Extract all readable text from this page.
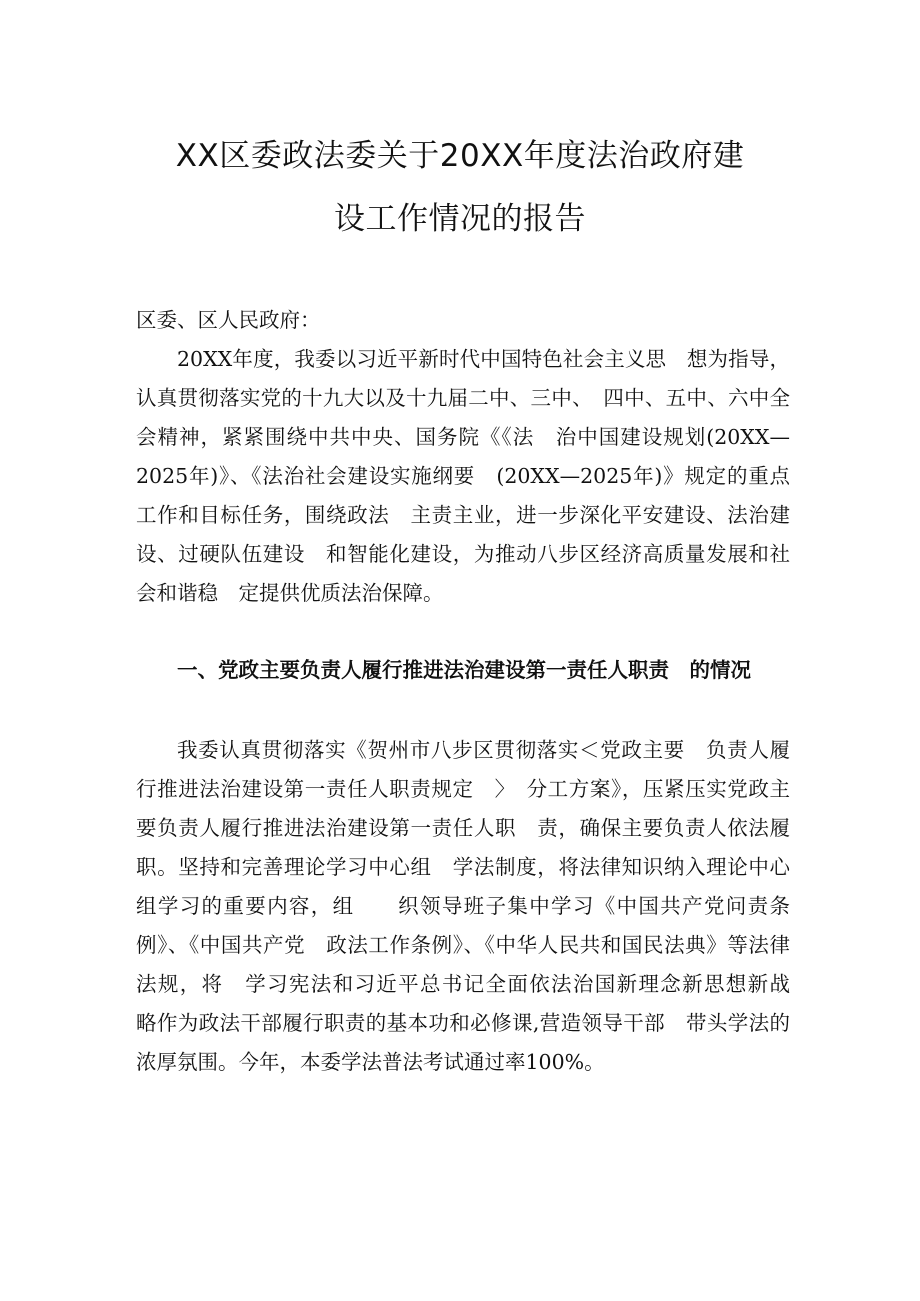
XX区委政法委关于20XX年度法治政府建
设工作情况的报告
区委、区人民政府：
20XX年度，我委以习近平新时代中国特色社会主义思　想为指导，认真贯彻落实党的十九大以及十九届二中、三中、　四中、五中、六中全会精神，紧紧围绕中共中央、国务院《《法　治中国建设规划(20XX—2025年)》、《法治社会建设实施纲要　(20XX—2025年)》规定的重点工作和目标任务，围绕政法　主责主业，进一步深化平安建设、法治建设、过硬队伍建设　和智能化建设，为推动八步区经济高质量发展和社会和谐稳　定提供优质法治保障。
一、党政主要负责人履行推进法治建设第一责任人职责　的情况
我委认真贯彻落实《贺州市八步区贯彻落实＜党政主要　负责人履行推进法治建设第一责任人职责规定　〉　分工方案》，压紧压实党政主要负责人履行推进法治建设第一责任人职　责，确保主要负责人依法履职。坚持和完善理论学习中心组　学法制度，将法律知识纳入理论中心组学习的重要内容，组　　织领导班子集中学习《中国共产党问责条例》、《中国共产党　政法工作条例》、《中华人民共和国民法典》等法律法规，将　学习宪法和习近平总书记全面依法治国新理念新思想新战　略作为政法干部履行职责的基本功和必修课,营造领导干部　带头学法的浓厚氛围。今年，本委学法普法考试通过率100%。
